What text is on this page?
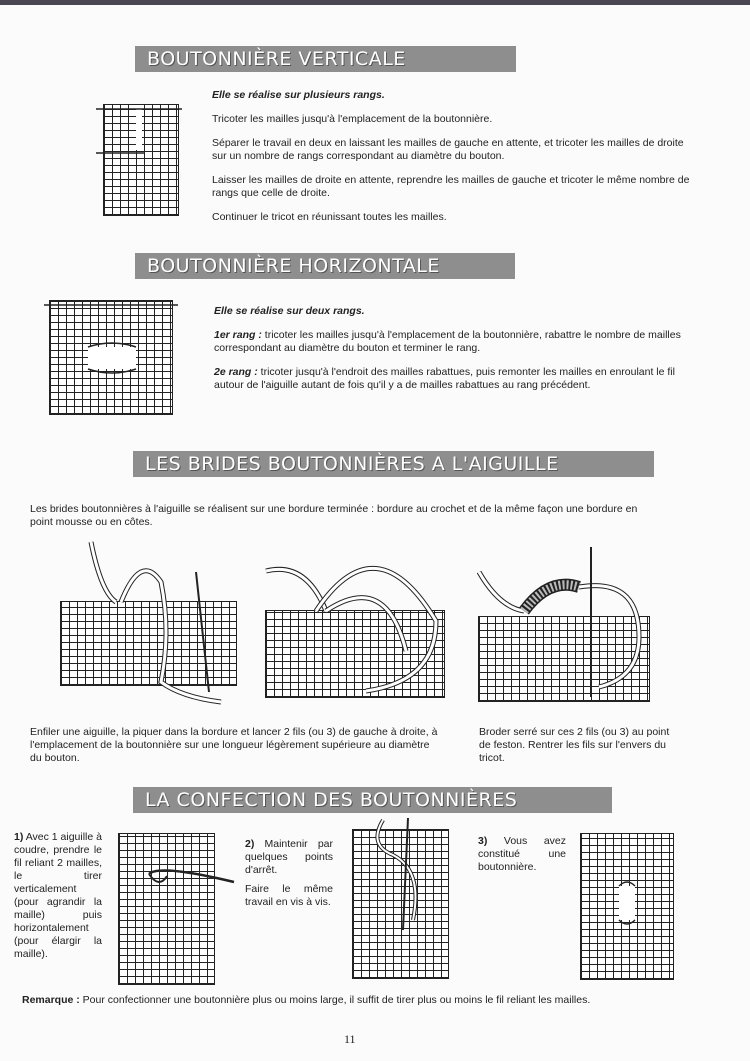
BOUTONNIÈRE VERTICALE

Elle se réalise sur plusieurs rangs.

Tricoter les mailles jusqu'à l'emplacement de la boutonnière.

Séparer le travail en deux en laissant les mailles de gauche en attente, et tricoter les mailles de droite sur un nombre de rangs correspondant au diamètre du bouton.

Laisser les mailles de droite en attente, reprendre les mailles de gauche et tricoter le même nombre de rangs que celle de droite.

Continuer le tricot en réunissant toutes les mailles.

BOUTONNIÈRE HORIZONTALE

Elle se réalise sur deux rangs.

1er rang : tricoter les mailles jusqu'à l'emplacement de la boutonnière, rabattre le nombre de mailles correspondant au diamètre du bouton et terminer le rang.

2e rang : tricoter jusqu'à l'endroit des mailles rabattues, puis remonter les mailles en enroulant le fil autour de l'aiguille autant de fois qu'il y a de mailles rabattues au rang précédent.

LES BRIDES BOUTONNIÈRES A L'AIGUILLE
Les brides boutonnières à l'aiguille se réalisent sur une bordure terminée : bordure au crochet et de la même façon une bordure en point mousse ou en côtes.
Enfiler une aiguille, la piquer dans la bordure et lancer 2 fils (ou 3) de gauche à droite, à l'emplacement de la boutonnière sur une longueur légèrement supérieure au diamètre du bouton.
Broder serré sur ces 2 fils (ou 3) au point de feston. Rentrer les fils sur l'envers du tricot.
LA CONFECTION DES BOUTONNIÈRES
1) Avec 1 aiguille à coudre, prendre le fil reliant 2 mailles, le tirer verticalement (pour agrandir la maille) puis horizontalement (pour élargir la maille).

2) Maintenir par quelques points d'arrêt.

Faire le même travail en vis à vis.

3) Vous avez constitué une boutonnière.
Remarque : Pour confectionner une boutonnière plus ou moins large, il suffit de tirer plus ou moins le fil reliant les mailles.
11
